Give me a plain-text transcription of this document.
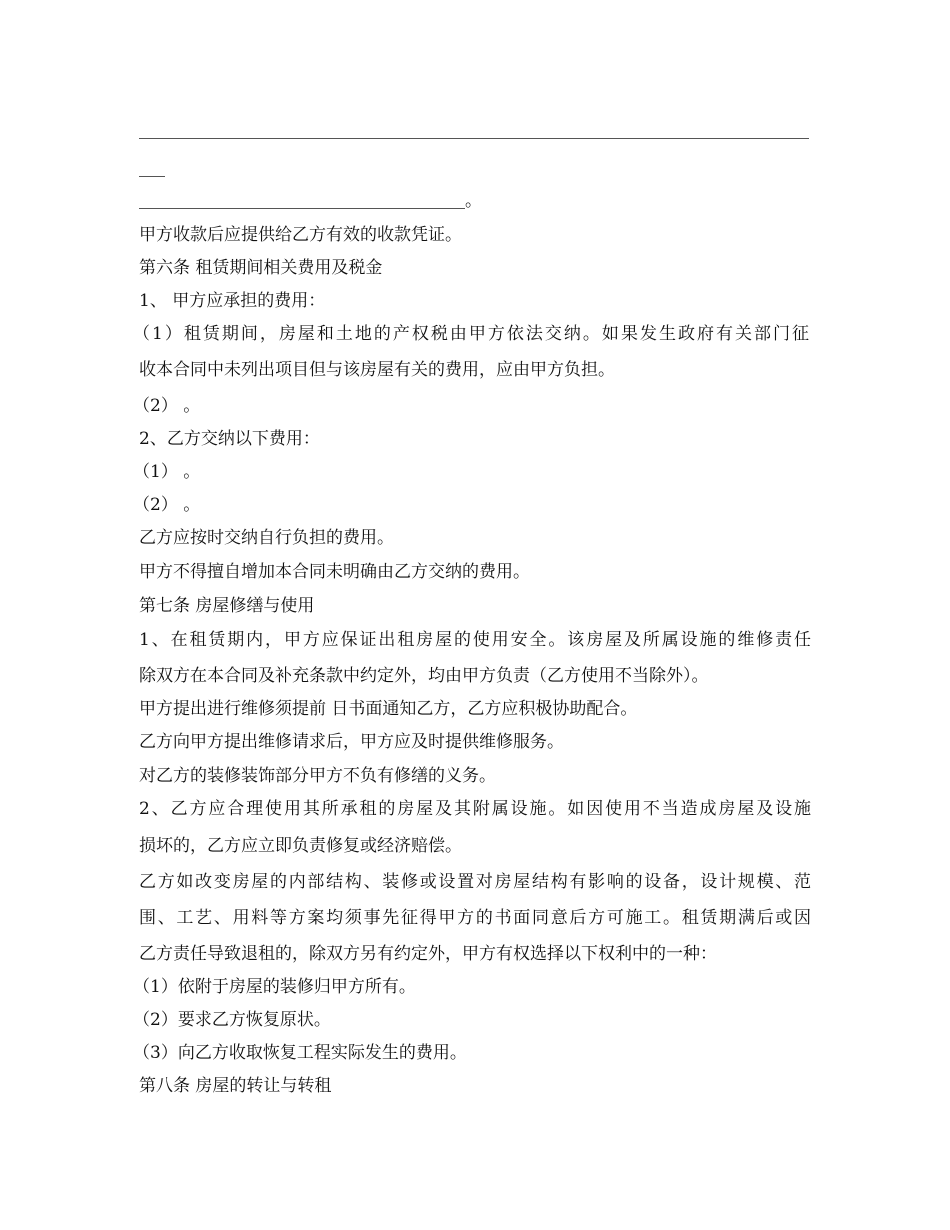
。
甲方收款后应提供给乙方有效的收款凭证。
第六条 租赁期间相关费用及税金
1、 甲方应承担的费用：
（1）租赁期间，房屋和土地的产权税由甲方依法交纳。如果发生政府有关部门征
收本合同中未列出项目但与该房屋有关的费用，应由甲方负担。
（2） 。
2、乙方交纳以下费用：
（1） 。
（2） 。
乙方应按时交纳自行负担的费用。
甲方不得擅自增加本合同未明确由乙方交纳的费用。
第七条 房屋修缮与使用
1、在租赁期内，甲方应保证出租房屋的使用安全。该房屋及所属设施的维修责任
除双方在本合同及补充条款中约定外，均由甲方负责（乙方使用不当除外）。
甲方提出进行维修须提前 日书面通知乙方，乙方应积极协助配合。
乙方向甲方提出维修请求后，甲方应及时提供维修服务。
对乙方的装修装饰部分甲方不负有修缮的义务。
2、乙方应合理使用其所承租的房屋及其附属设施。如因使用不当造成房屋及设施
损坏的，乙方应立即负责修复或经济赔偿。
乙方如改变房屋的内部结构、装修或设置对房屋结构有影响的设备，设计规模、范
围、工艺、用料等方案均须事先征得甲方的书面同意后方可施工。租赁期满后或因
乙方责任导致退租的，除双方另有约定外，甲方有权选择以下权利中的一种：
（1）依附于房屋的装修归甲方所有。
（2）要求乙方恢复原状。
（3）向乙方收取恢复工程实际发生的费用。
第八条 房屋的转让与转租
